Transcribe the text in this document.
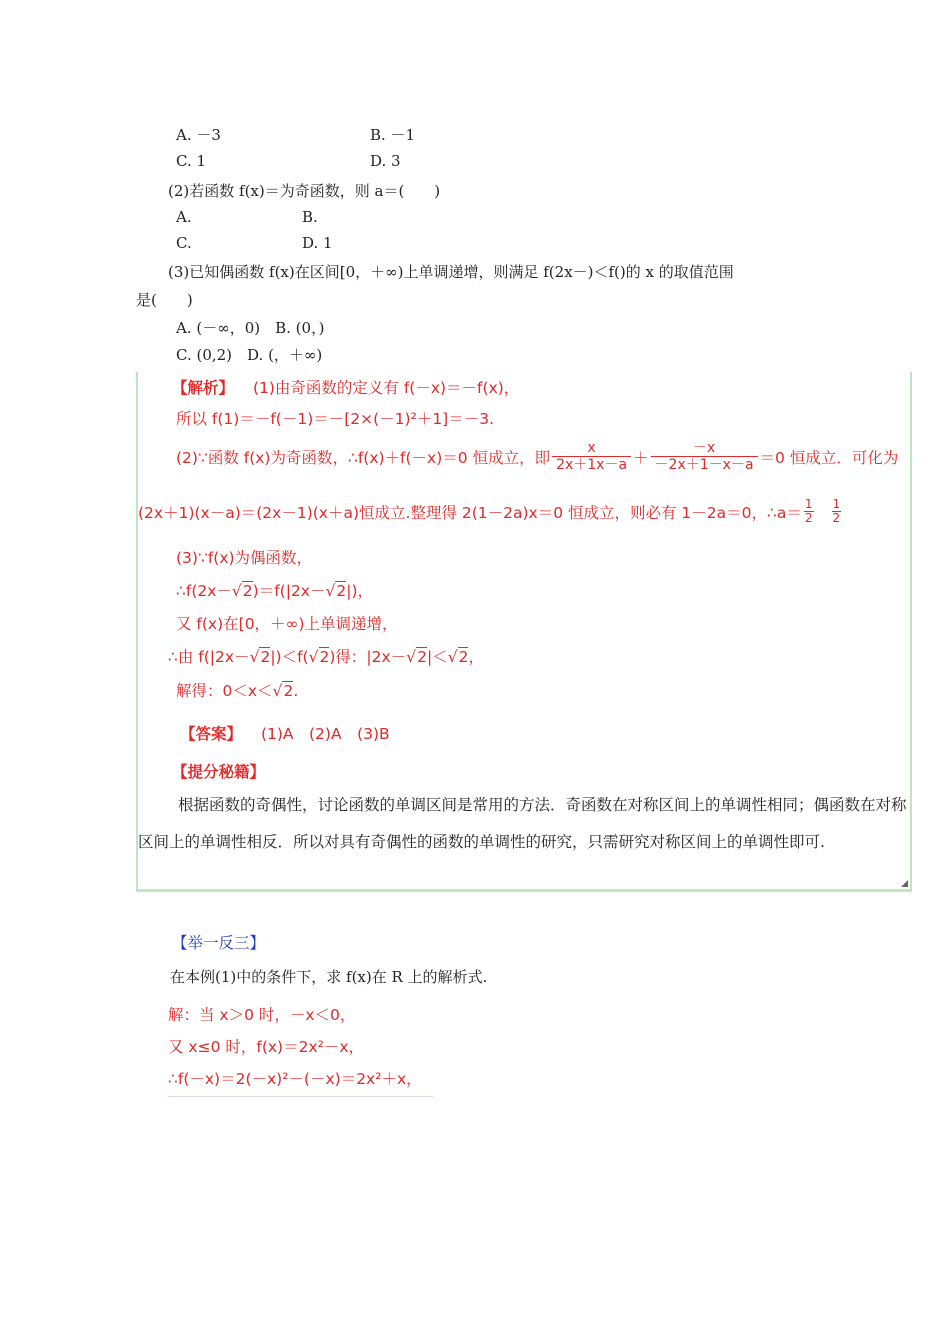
A. －3	B. －1
C. 1	D. 3
(2)若函数 f(x)＝为奇函数，则 a＝(　　)
A.	B.
C.	D. 1
(3)已知偶函数 f(x)在区间[0，＋∞)上单调递增，则满足 f(2x－)＜f()的 x 的取值范围
是(　　)
A. (－∞，0)　B. (0，)
C. (0,2)　D. (，＋∞)
【解析】 (1)由奇函数的定义有 f(－x)＝－f(x)，
所以 f(1)＝－f(－1)＝－[2×(－1)²＋1]＝－3.
(2)∵函数 f(x)为奇函数，∴f(x)＋f(－x)＝0 恒成立，即 $\frac{x}{2x+1x-a} + \frac{-x}{-2x+1-x-a} =0$ 恒成立．可化为
(2x＋1)(x－a)＝(2x－1)(x＋a)恒成立.整理得 2(1－2a)x＝0 恒成立，则必有 1－2a＝0，∴a＝ $\frac{1}{2} \frac{1}{2}$
(3)∵f(x)为偶函数，
∴f(2x－√2)＝f(|2x－√2|)，
又 f(x)在[0，＋∞)上单调递增，
∴由 f(|2x－√2|)＜f(√2)得：|2x－√2|＜√2，
解得：0＜x＜√2.
【答案】 (1)A　(2)A　(3)B
【提分秘籍】
根据函数的奇偶性，讨论函数的单调区间是常用的方法．奇函数在对称区间上的单调性相同；偶函数在对称区间上的单调性相反．所以对具有奇偶性的函数的单调性的研究，只需研究对称区间上的单调性即可.
【举一反三】
在本例(1)中的条件下，求 f(x)在 R 上的解析式.
解：当 x＞0 时，－x＜0，
又 x≤0 时，f(x)＝2x²－x，
∴f(－x)＝2(－x)²－(－x)＝2x²＋x，
